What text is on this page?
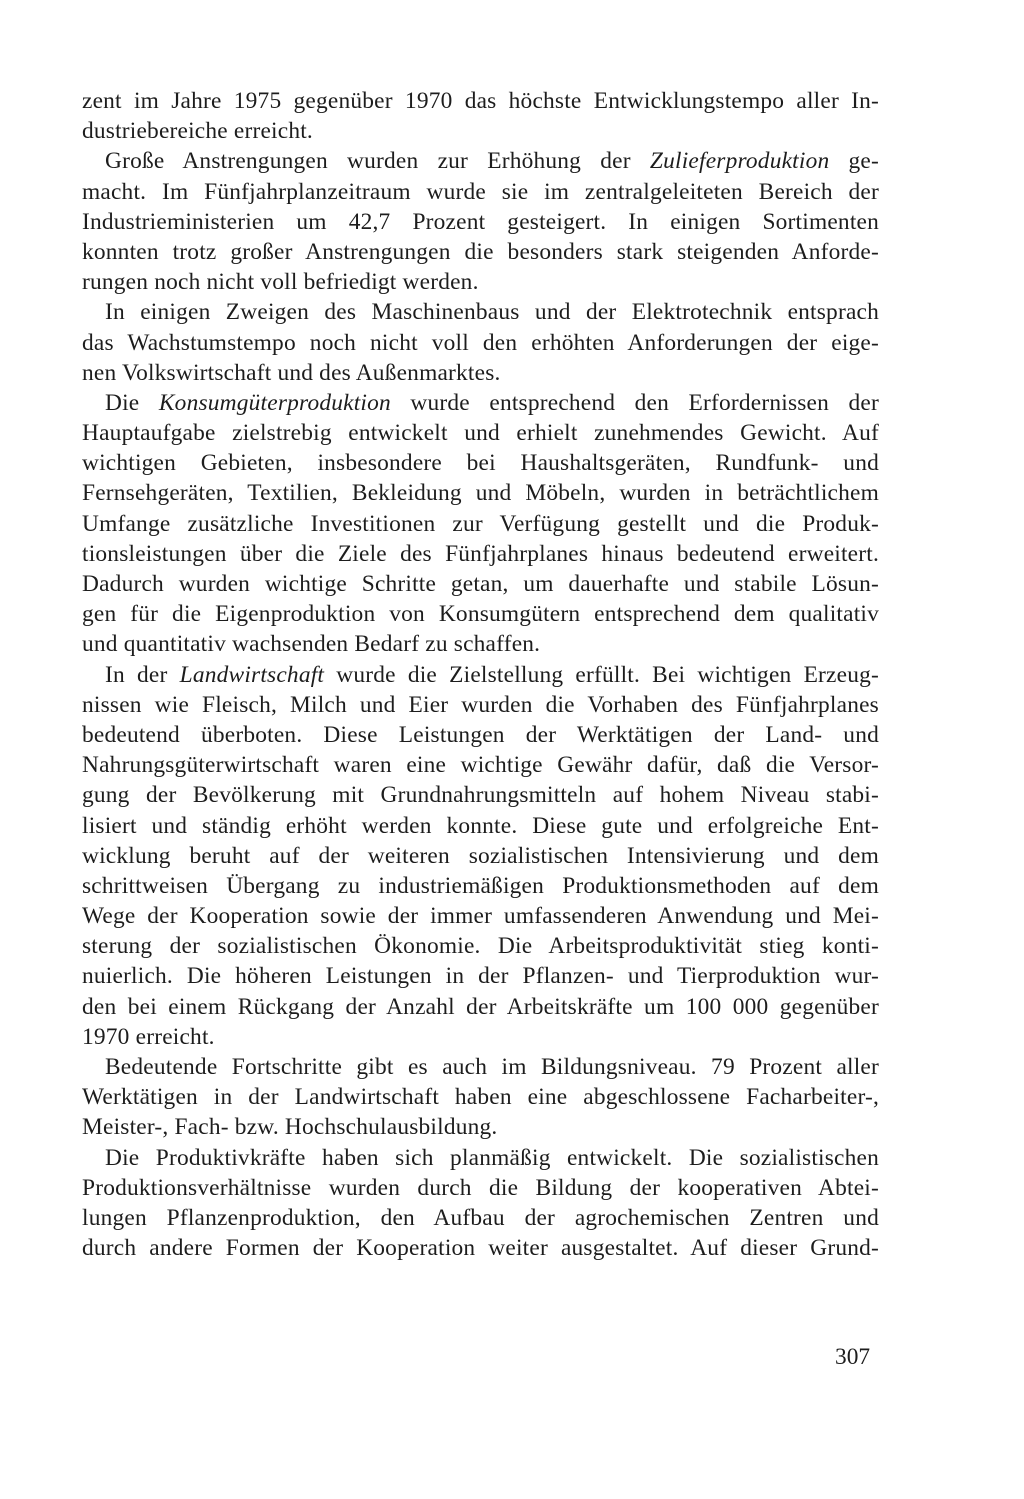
zent im Jahre 1975 gegenüber 1970 das höchste Entwicklungstempo aller In-
dustriebereiche erreicht.
Große Anstrengungen wurden zur Erhöhung der Zulieferproduktion ge-
macht. Im Fünfjahrplanzeitraum wurde sie im zentralgeleiteten Bereich der
Industrieministerien um 42,7 Prozent gesteigert. In einigen Sortimenten
konnten trotz großer Anstrengungen die besonders stark steigenden Anforde-
rungen noch nicht voll befriedigt werden.
In einigen Zweigen des Maschinenbaus und der Elektrotechnik entsprach
das Wachstumstempo noch nicht voll den erhöhten Anforderungen der eige-
nen Volkswirtschaft und des Außenmarktes.
Die Konsumgüterproduktion wurde entsprechend den Erfordernissen der
Hauptaufgabe zielstrebig entwickelt und erhielt zunehmendes Gewicht. Auf
wichtigen Gebieten, insbesondere bei Haushaltsgeräten, Rundfunk- und
Fernsehgeräten, Textilien, Bekleidung und Möbeln, wurden in beträchtlichem
Umfange zusätzliche Investitionen zur Verfügung gestellt und die Produk-
tionsleistungen über die Ziele des Fünfjahrplanes hinaus bedeutend erweitert.
Dadurch wurden wichtige Schritte getan, um dauerhafte und stabile Lösun-
gen für die Eigenproduktion von Konsumgütern entsprechend dem qualitativ
und quantitativ wachsenden Bedarf zu schaffen.
In der Landwirtschaft wurde die Zielstellung erfüllt. Bei wichtigen Erzeug-
nissen wie Fleisch, Milch und Eier wurden die Vorhaben des Fünfjahrplanes
bedeutend überboten. Diese Leistungen der Werktätigen der Land- und
Nahrungsgüterwirtschaft waren eine wichtige Gewähr dafür, daß die Versor-
gung der Bevölkerung mit Grundnahrungsmitteln auf hohem Niveau stabi-
lisiert und ständig erhöht werden konnte. Diese gute und erfolgreiche Ent-
wicklung beruht auf der weiteren sozialistischen Intensivierung und dem
schrittweisen Übergang zu industriemäßigen Produktionsmethoden auf dem
Wege der Kooperation sowie der immer umfassenderen Anwendung und Mei-
sterung der sozialistischen Ökonomie. Die Arbeitsproduktivität stieg konti-
nuierlich. Die höheren Leistungen in der Pflanzen- und Tierproduktion wur-
den bei einem Rückgang der Anzahl der Arbeitskräfte um 100 000 gegenüber
1970 erreicht.
Bedeutende Fortschritte gibt es auch im Bildungsniveau. 79 Prozent aller
Werktätigen in der Landwirtschaft haben eine abgeschlossene Facharbeiter-,
Meister-, Fach- bzw. Hochschulausbildung.
Die Produktivkräfte haben sich planmäßig entwickelt. Die sozialistischen
Produktionsverhältnisse wurden durch die Bildung der kooperativen Abtei-
lungen Pflanzenproduktion, den Aufbau der agrochemischen Zentren und
durch andere Formen der Kooperation weiter ausgestaltet. Auf dieser Grund-
307
